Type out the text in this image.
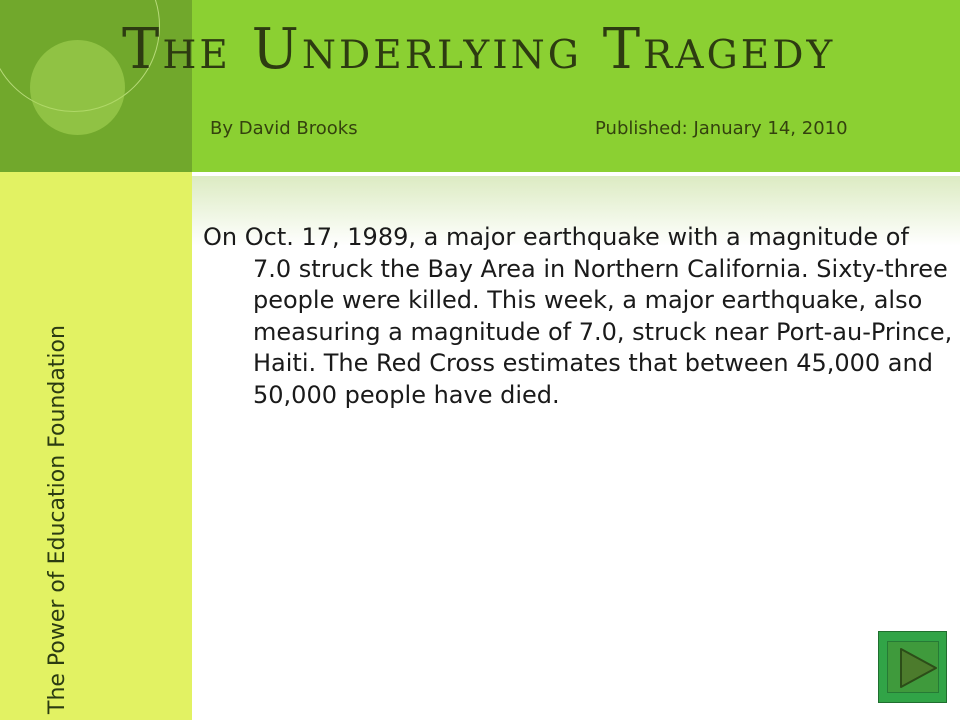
The Underlying Tragedy

By David Brooks	Published: January 14, 2010

The Power of Education Foundation

On Oct. 17, 1989, a major earthquake with a magnitude of 7.0 struck the Bay Area in Northern California. Sixty-three people were killed. This week, a major earthquake, also measuring a magnitude of 7.0, struck near Port-au-Prince, Haiti. The Red Cross estimates that between 45,000 and 50,000 people have died.
